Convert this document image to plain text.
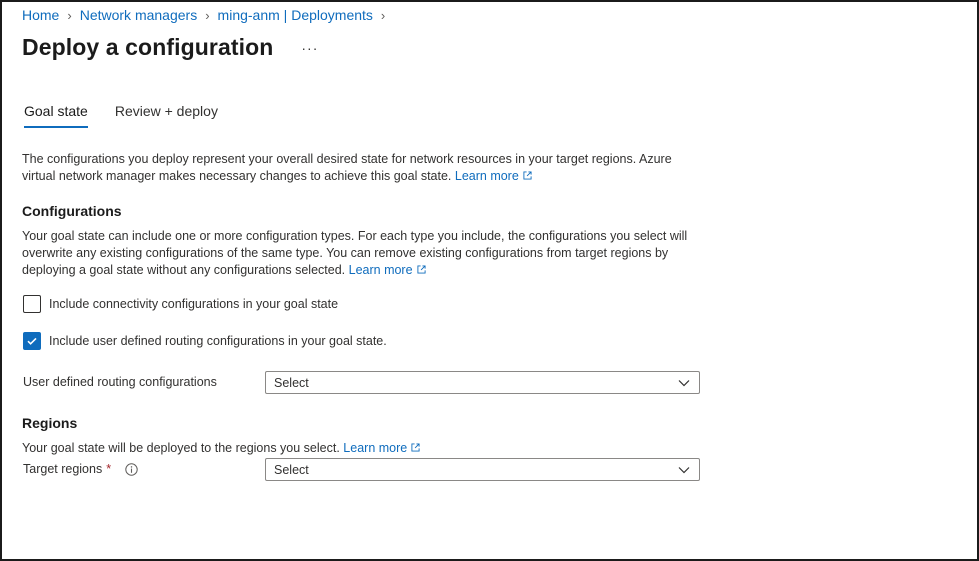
Home › Network managers › ming-anm | Deployments ›
Deploy a configuration ···
Goal state Review + deploy
The configurations you deploy represent your overall desired state for network resources in your target regions. Azure virtual network manager makes necessary changes to achieve this goal state. Learn more
Configurations
Your goal state can include one or more configuration types. For each type you include, the configurations you select will overwrite any existing configurations of the same type. You can remove existing configurations from target regions by deploying a goal state without any configurations selected. Learn more
Include connectivity configurations in your goal state
Include user defined routing configurations in your goal state.
User defined routing configurations	Select
Regions
Your goal state will be deployed to the regions you select. Learn more
Target regions *	Select
